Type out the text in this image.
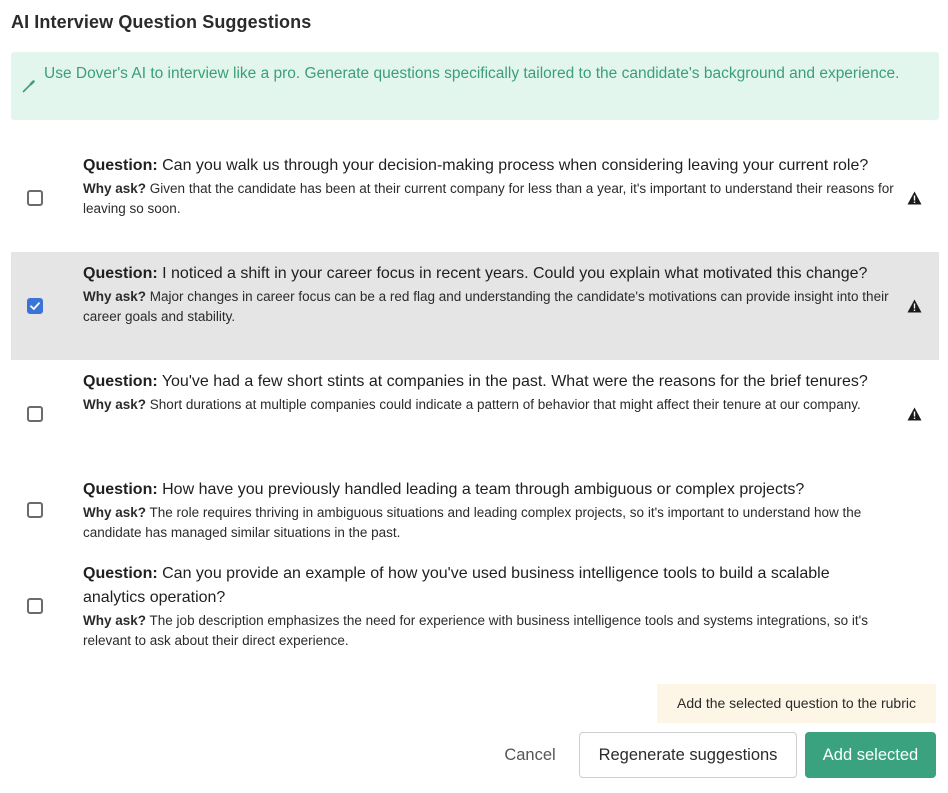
AI Interview Question Suggestions
Use Dover's AI to interview like a pro. Generate questions specifically tailored to the candidate's background and experience.
Question: Can you walk us through your decision-making process when considering leaving your current role?
Why ask? Given that the candidate has been at their current company for less than a year, it's important to understand their reasons for leaving so soon.
Question: I noticed a shift in your career focus in recent years. Could you explain what motivated this change?
Why ask? Major changes in career focus can be a red flag and understanding the candidate's motivations can provide insight into their career goals and stability.
Question: You've had a few short stints at companies in the past. What were the reasons for the brief tenures?
Why ask? Short durations at multiple companies could indicate a pattern of behavior that might affect their tenure at our company.
Question: How have you previously handled leading a team through ambiguous or complex projects?
Why ask? The role requires thriving in ambiguous situations and leading complex projects, so it's important to understand how the candidate has managed similar situations in the past.
Question: Can you provide an example of how you've used business intelligence tools to build a scalable analytics operation?
Why ask? The job description emphasizes the need for experience with business intelligence tools and systems integrations, so it's relevant to ask about their direct experience.
Add the selected question to the rubric
Cancel	Regenerate suggestions	Add selected
